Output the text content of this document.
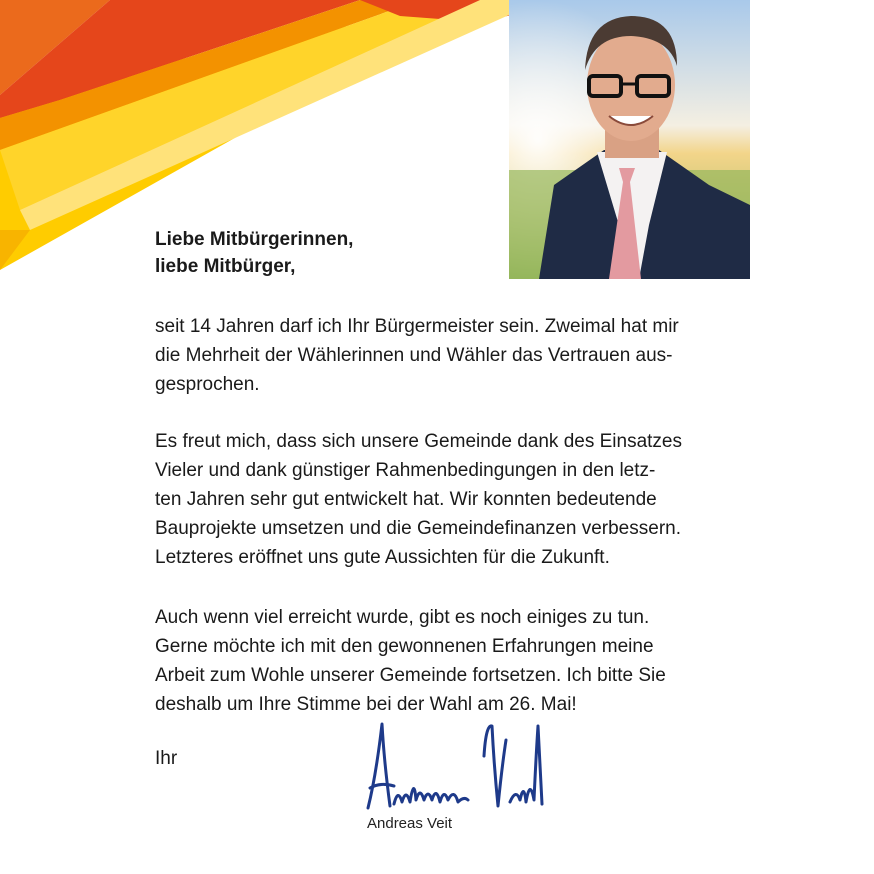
Liebe Mitbürgerinnen,
liebe Mitbürger,
seit 14 Jahren darf ich Ihr Bürgermeister sein. Zweimal hat mir
die Mehrheit der Wählerinnen und Wähler das Vertrauen aus-
gesprochen.
Es freut mich, dass sich unsere Gemeinde dank des Einsatzes
Vieler und dank günstiger Rahmenbedingungen in den letz-
ten Jahren sehr gut entwickelt hat. Wir konnten bedeutende
Bauprojekte umsetzen und die Gemeindefinanzen verbessern.
Letzteres eröffnet uns gute Aussichten für die Zukunft.
Auch wenn viel erreicht wurde, gibt es noch einiges zu tun.
Gerne möchte ich mit den gewonnenen Erfahrungen meine
Arbeit zum Wohle unserer Gemeinde fortsetzen. Ich bitte Sie
deshalb um Ihre Stimme bei der Wahl am 26. Mai!
Ihr
Andreas Veit
